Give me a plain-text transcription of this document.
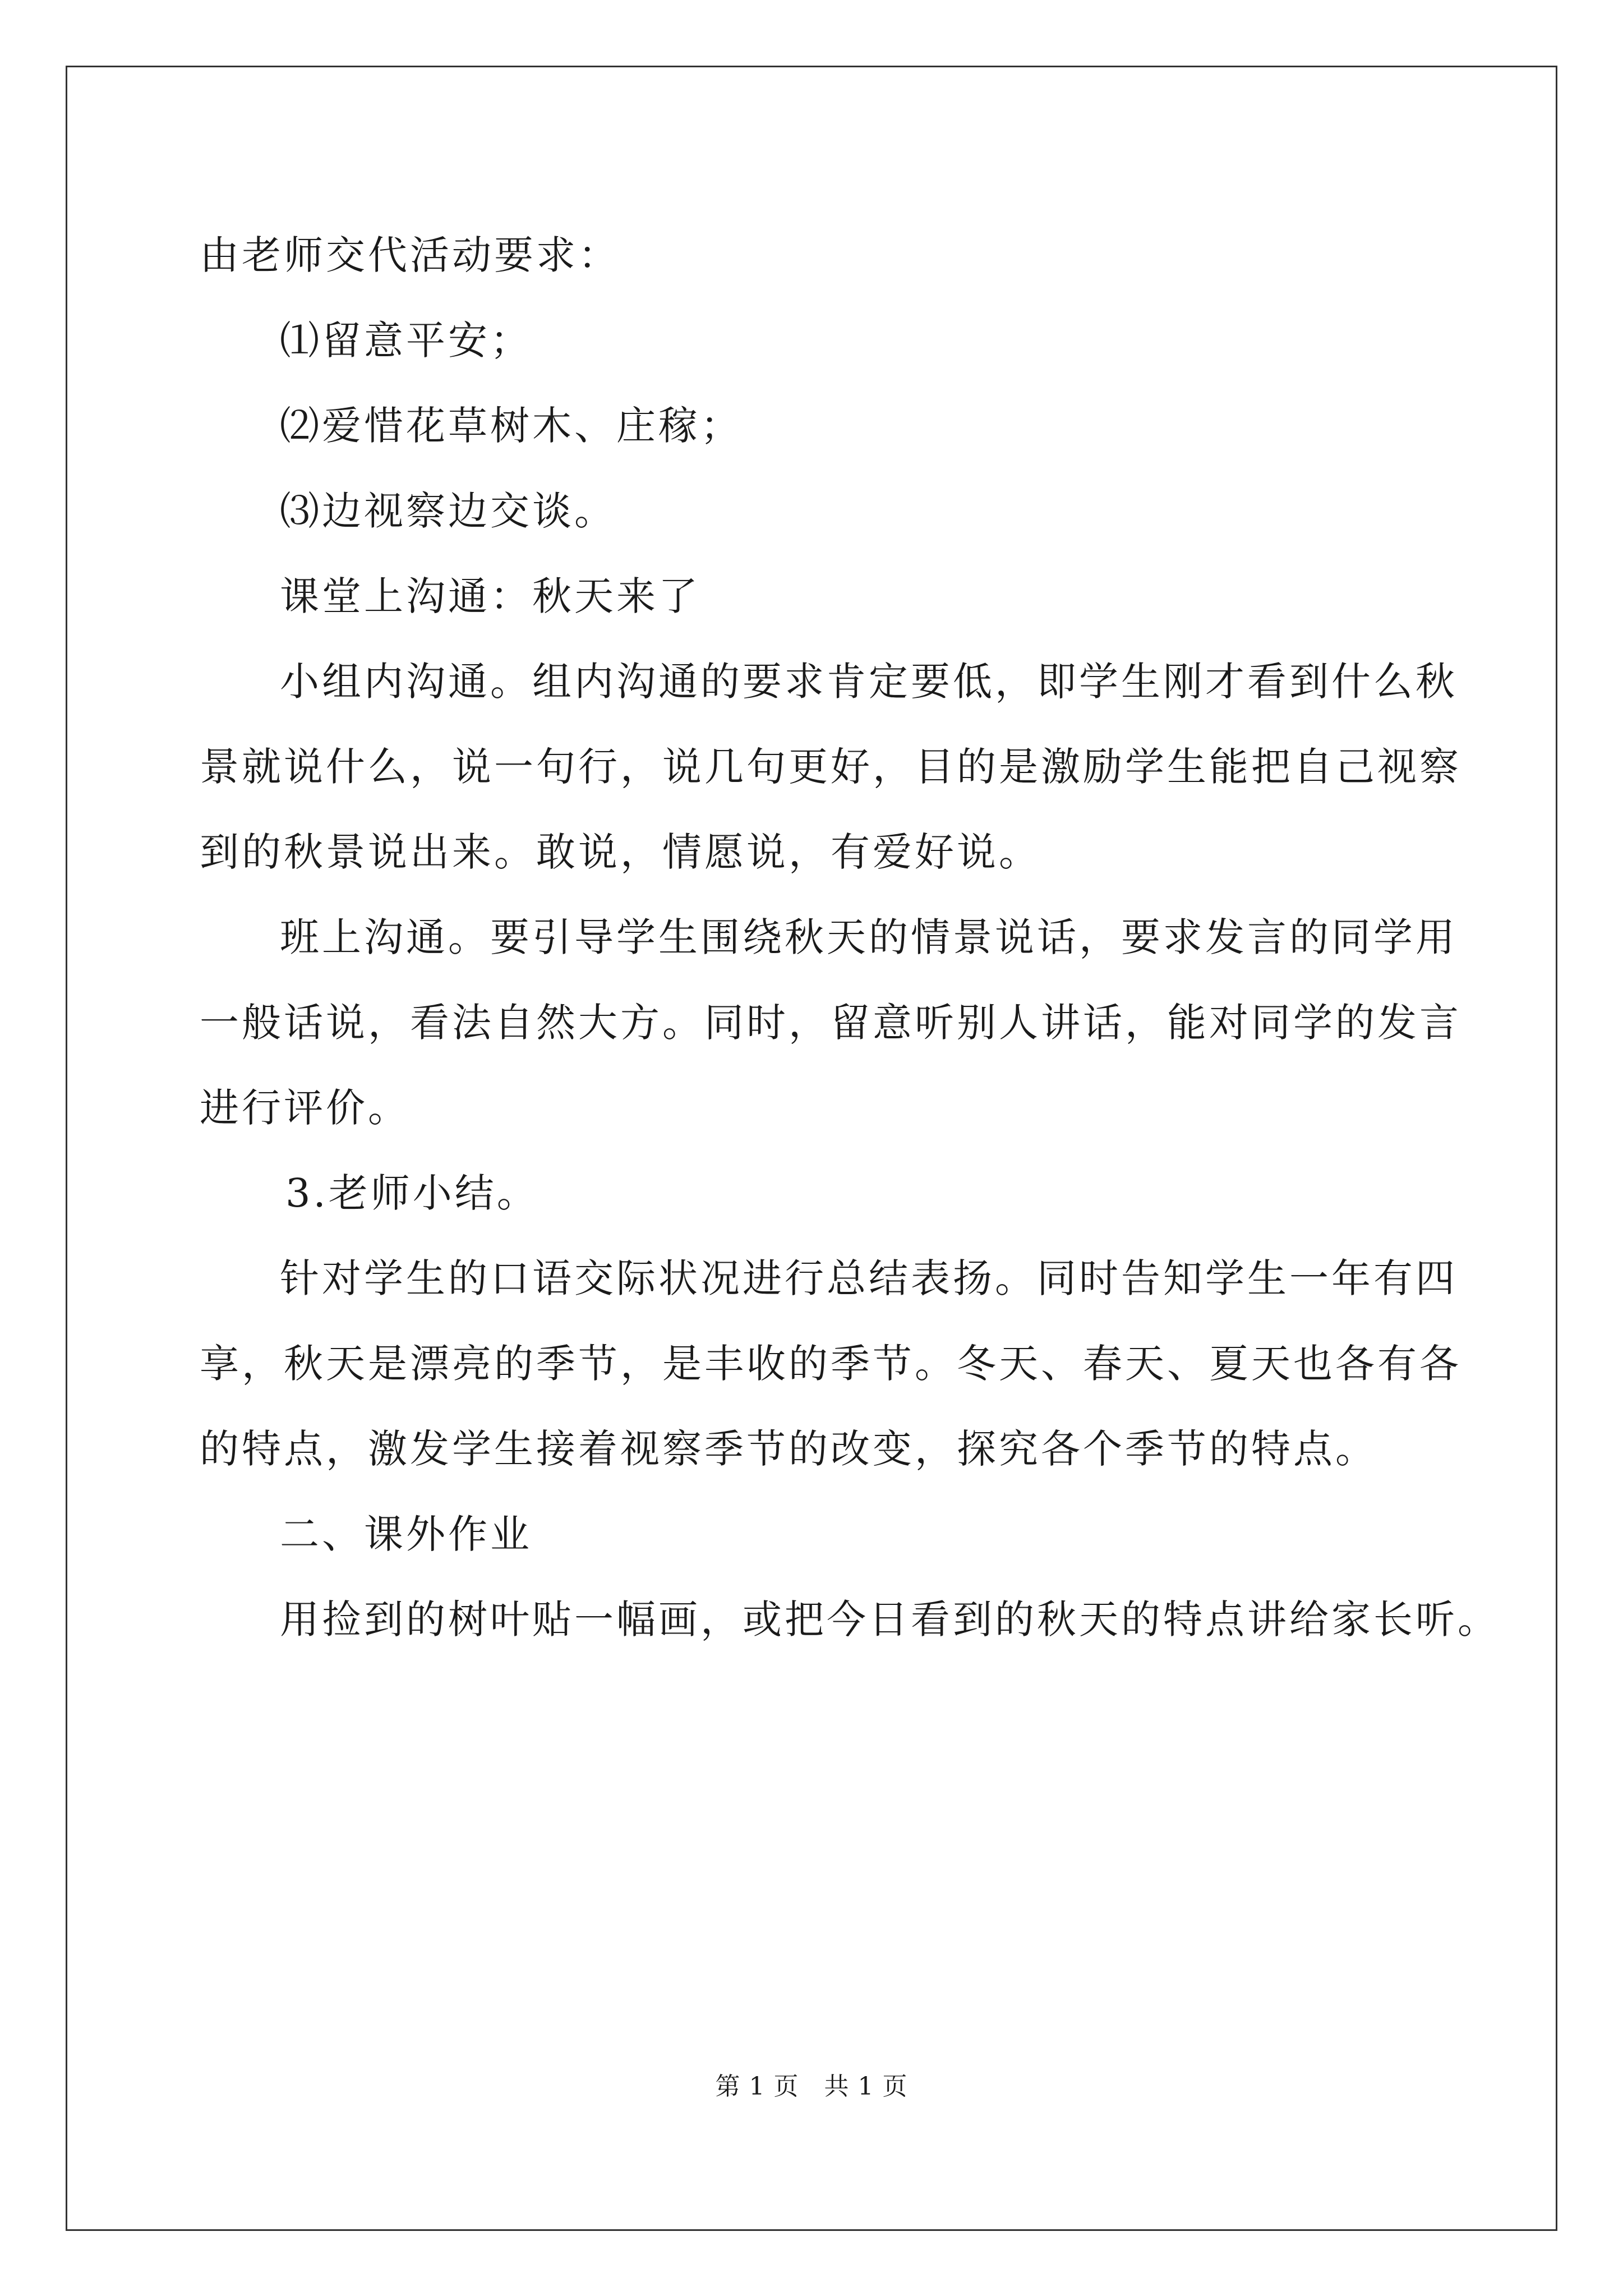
由老师交代活动要求：
⑴留意平安；
⑵爱惜花草树木、庄稼；
⑶边视察边交谈。
课堂上沟通：秋天来了
小组内沟通。组内沟通的要求肯定要低，即学生刚才看到什么秋
景就说什么，说一句行，说几句更好，目的是激励学生能把自己视察
到的秋景说出来。敢说，情愿说，有爱好说。
班上沟通。要引导学生围绕秋天的情景说话，要求发言的同学用
一般话说，看法自然大方。同时，留意听别人讲话，能对同学的发言
进行评价。
3.老师小结。
针对学生的口语交际状况进行总结表扬。同时告知学生一年有四
享，秋天是漂亮的季节，是丰收的季节。冬天、春天、夏天也各有各
的特点，激发学生接着视察季节的改变，探究各个季节的特点。
二、课外作业
用捡到的树叶贴一幅画，或把今日看到的秋天的特点讲给家长听。
第 1 页   共 1 页
